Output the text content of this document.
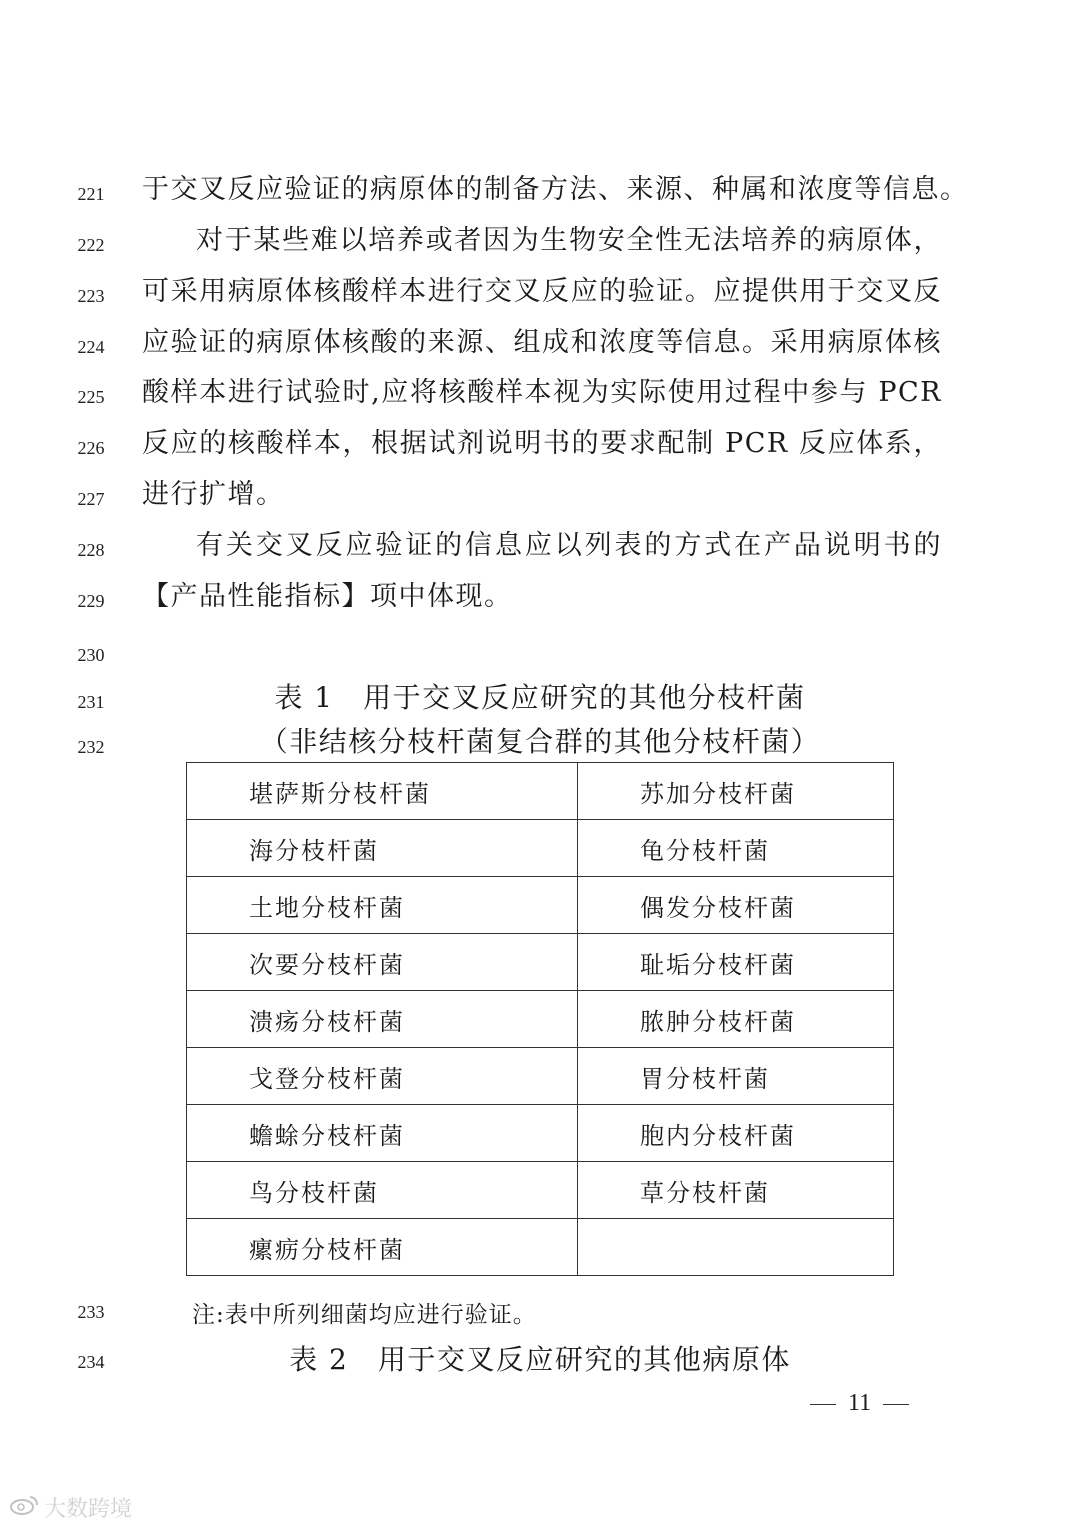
221
222
223
224
225
226
227
228
229
230
231
232
233
234
于交叉反应验证的病原体的制备方法、来源、种属和浓度等信息。
对于某些难以培养或者因为生物安全性无法培养的病原体，
可采用病原体核酸样本进行交叉反应的验证。应提供用于交叉反
应验证的病原体核酸的来源、组成和浓度等信息。采用病原体核
酸样本进行试验时,应将核酸样本视为实际使用过程中参与 PCR
反应的核酸样本，根据试剂说明书的要求配制 PCR 反应体系，
进行扩增。
有关交叉反应验证的信息应以列表的方式在产品说明书的
【产品性能指标】项中体现。
表 1　用于交叉反应研究的其他分枝杆菌
（非结核分枝杆菌复合群的其他分枝杆菌）
堪萨斯分枝杆菌	苏加分枝杆菌
海分枝杆菌	龟分枝杆菌
土地分枝杆菌	偶发分枝杆菌
次要分枝杆菌	耻垢分枝杆菌
溃疡分枝杆菌	脓肿分枝杆菌
戈登分枝杆菌	胃分枝杆菌
蟾蜍分枝杆菌	胞内分枝杆菌
鸟分枝杆菌	草分枝杆菌
瘰疬分枝杆菌	
注:表中所列细菌均应进行验证。
表 2　用于交叉反应研究的其他病原体
11
大数跨境
